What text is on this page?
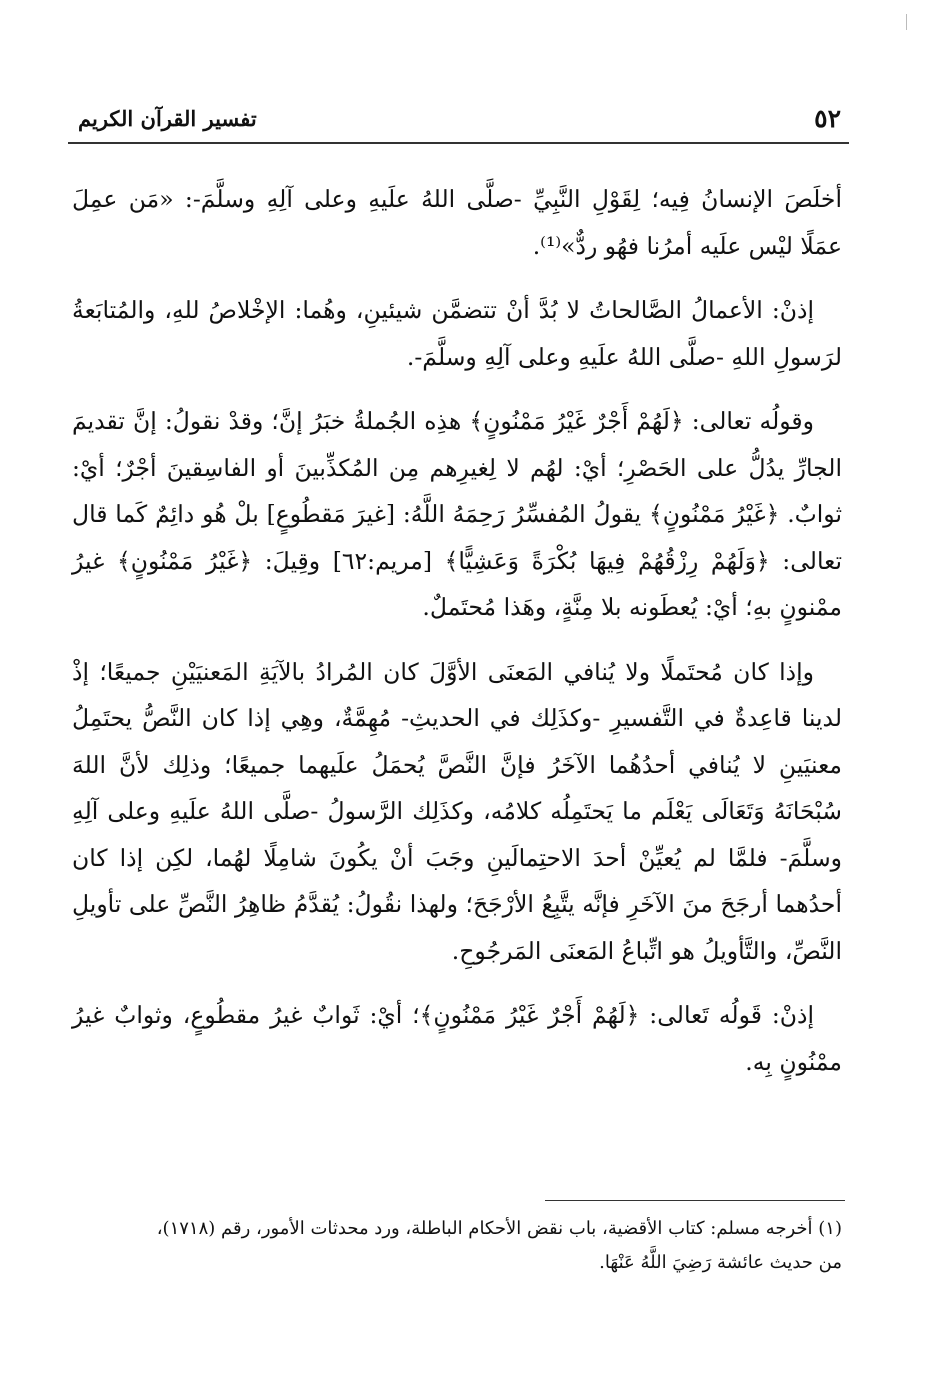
٥٢
تفسير القرآن الكريم

أخلَصَ الإنسانُ فِيه؛ لِقَوْلِ النَّبِيِّ -صلَّى اللهُ علَيهِ وعلى آلِهِ وسلَّمَ-: «مَن عمِلَ عمَلًا ليْس علَيه أمرُنا فهُو ردٌّ»⁽¹⁾.

إذنْ: الأعمالُ الصَّالحاتُ لا بُدَّ أنْ تتضمَّن شيئينِ، وهُما: الإخْلاصُ للهِ، والمُتابَعةُ لرَسولِ اللهِ -صلَّى اللهُ علَيهِ وعلى آلِهِ وسلَّمَ-.

وقولُه تعالى: ﴿لَهُمْ أَجْرٌ غَيْرُ مَمْنُونٍ﴾ هذِه الجُملةُ خبَرُ إنَّ؛ وقدْ نقولُ: إنَّ تقديمَ الجارِّ يدُلُّ على الحَصْرِ؛ أيْ: لهُم لا لِغيرِهم مِن المُكذِّبينَ أو الفاسِقينَ أجْرٌ؛ أيْ: ثوابٌ. ﴿غَيْرُ مَمْنُونٍ﴾ يقولُ المُفسِّرُ رَحِمَهُ اللَّهُ: [غيرَ مَقطُوعٍ] بلْ هُو دائِمٌ كَما قال تعالى: ﴿وَلَهُمْ رِزْقُهُمْ فِيهَا بُكْرَةً وَعَشِيًّا﴾ [مريم:٦٢] وقِيلَ: ﴿غَيْرُ مَمْنُونٍ﴾ غيرُ ممْنونٍ بهِ؛ أيْ: يُعطَونه بلا مِنَّةٍ، وهَذا مُحتَملٌ.

وإذا كان مُحتَملًا ولا يُنافي المَعنَى الأوَّلَ كان المُرادُ بالآيَةِ المَعنيَيْنِ جميعًا؛ إذْ لدينا قاعِدةٌ في التَّفسيرِ -وكذَلِك في الحديثِ- مُهِمَّةٌ، وهِي إذا كان النَّصُّ يحتَمِلُ معنيَينِ لا يُنافي أحدُهُما الآخَرُ فإنَّ النَّصَّ يُحمَلُ علَيهما جميعًا؛ وذلِك لأنَّ اللهَ سُبْحَانَهُ وَتَعَالَى يَعْلَم ما يَحتَمِلُه كلامُه، وكذَلِك الرَّسولُ -صلَّى اللهُ علَيهِ وعلى آلِهِ وسلَّمَ- فلمَّا لم يُعيِّنْ أحدَ الاحتِمالَينِ وجَبَ أنْ يكُونَ شامِلًا لهُما، لكِن إذا كان أحدُهما أرجَحَ منَ الآخَرِ فإنَّه يتَّبِعُ الأرْجَحَ؛ ولهذا نقُولُ: يُقدَّمُ ظاهِرُ النَّصِّ على تأويلِ النَّصِّ، والتَّأويلُ هو اتِّباعُ المَعنَى المَرجُوحِ.

إذنْ: قَولُه تَعالى: ﴿لَهُمْ أَجْرٌ غَيْرُ مَمْنُونٍ﴾؛ أيْ: ثَوابٌ غيرُ مقطُوعٍ، وثوابٌ غيرُ ممْنُونٍ بِه.

(١) أخرجه مسلم: كتاب الأقضية، باب نقض الأحكام الباطلة، ورد محدثات الأمور، رقم (١٧١٨)،
من حديث عائشة رَضِيَ اللَّهُ عَنْهَا.
